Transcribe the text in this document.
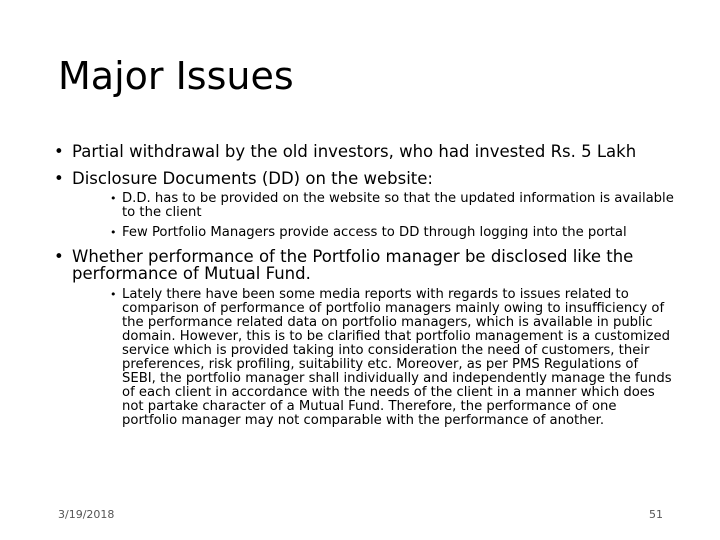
Major Issues
• Partial withdrawal by the old investors, who had invested Rs. 5 Lakh
• Disclosure Documents (DD) on the website:
• D.D. has to be provided on the website so that the updated information is available to the client
• Few Portfolio Managers provide access to DD through logging into the portal
• Whether performance of the Portfolio manager be disclosed like the performance of Mutual Fund.
• Lately there have been some media reports with regards to issues related to comparison of performance of portfolio managers mainly owing to insufficiency of the performance related data on portfolio managers, which is available in public domain. However, this is to be clarified that portfolio management is a customized service which is provided taking into consideration the need of customers, their preferences, risk profiling, suitability etc. Moreover, as per PMS Regulations of SEBI, the portfolio manager shall individually and independently manage the funds of each client in accordance with the needs of the client in a manner which does not partake character of a Mutual Fund. Therefore, the performance of one portfolio manager may not comparable with the performance of another.
3/19/2018	51
